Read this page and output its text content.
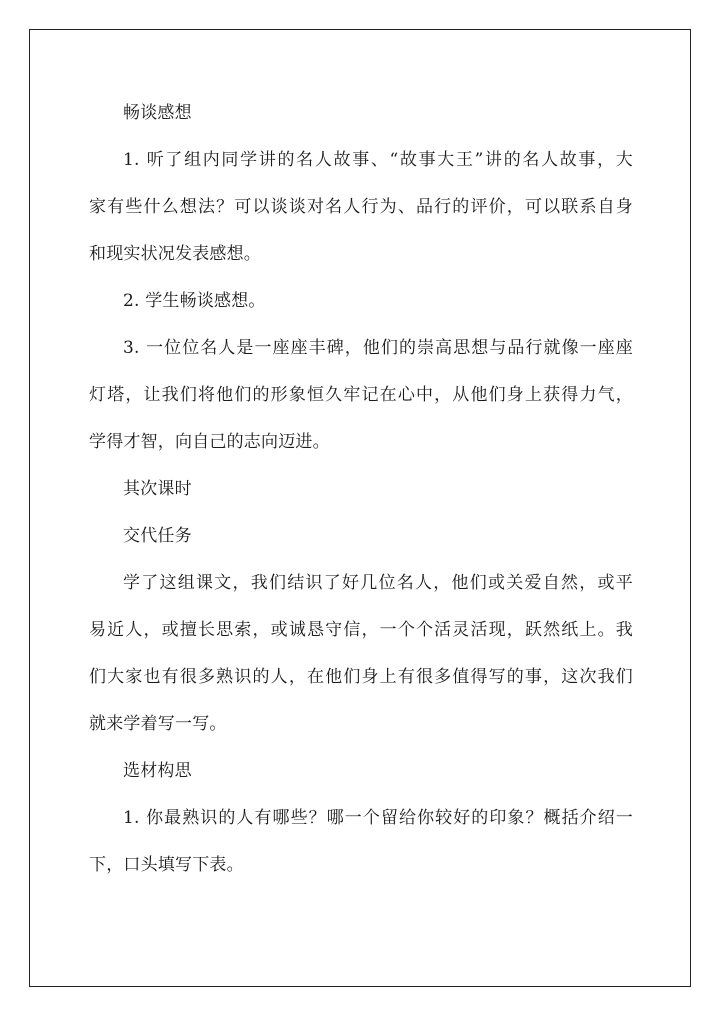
畅谈感想
1. 听了组内同学讲的名人故事、“故事大王”讲的名人故事，大
家有些什么想法？可以谈谈对名人行为、品行的评价，可以联系自身
和现实状况发表感想。
2. 学生畅谈感想。
3. 一位位名人是一座座丰碑，他们的崇高思想与品行就像一座座
灯塔，让我们将他们的形象恒久牢记在心中，从他们身上获得力气，
学得才智，向自己的志向迈进。
其次课时
交代任务
学了这组课文，我们结识了好几位名人，他们或关爱自然，或平
易近人，或擅长思索，或诚恳守信，一个个活灵活现，跃然纸上。我
们大家也有很多熟识的人，在他们身上有很多值得写的事，这次我们
就来学着写一写。
选材构思
1. 你最熟识的人有哪些？哪一个留给你较好的印象？概括介绍一
下，口头填写下表。
